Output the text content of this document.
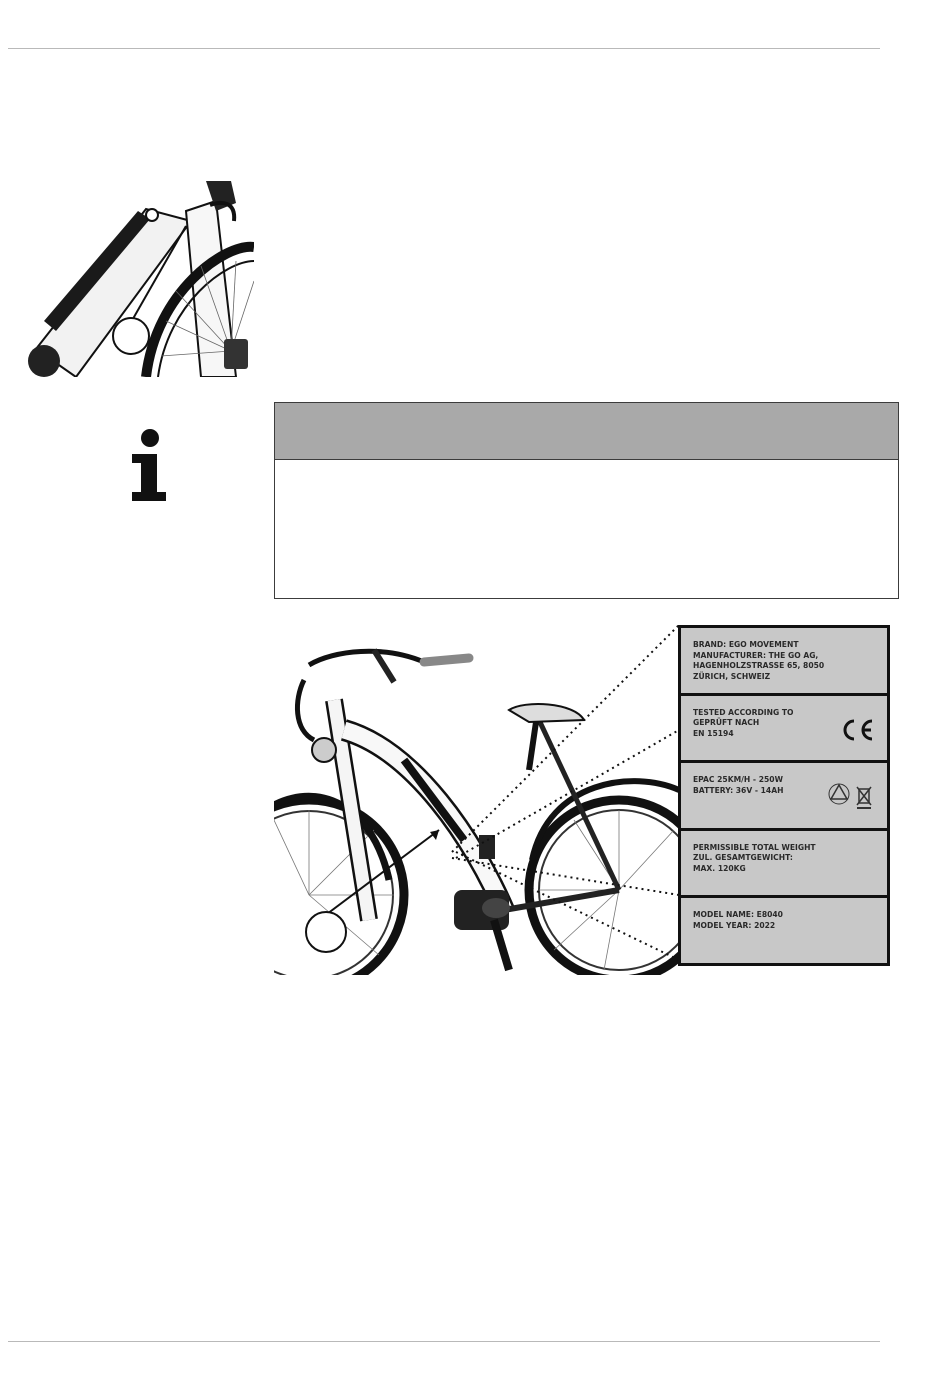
BRAND: EGO MOVEMENT
MANUFACTURER: THE GO AG,
HAGENHOLZSTRASSE 65, 8050
ZÜRICH, SCHWEIZ
TESTED ACCORDING TO
GEPRÜFT NACH
EN 15194
EPAC 25KM/H - 250W
BATTERY: 36V - 14AH
PERMISSIBLE TOTAL WEIGHT
ZUL. GESAMTGEWICHT:
MAX. 120KG
MODEL NAME: E8040
MODEL YEAR: 2022
